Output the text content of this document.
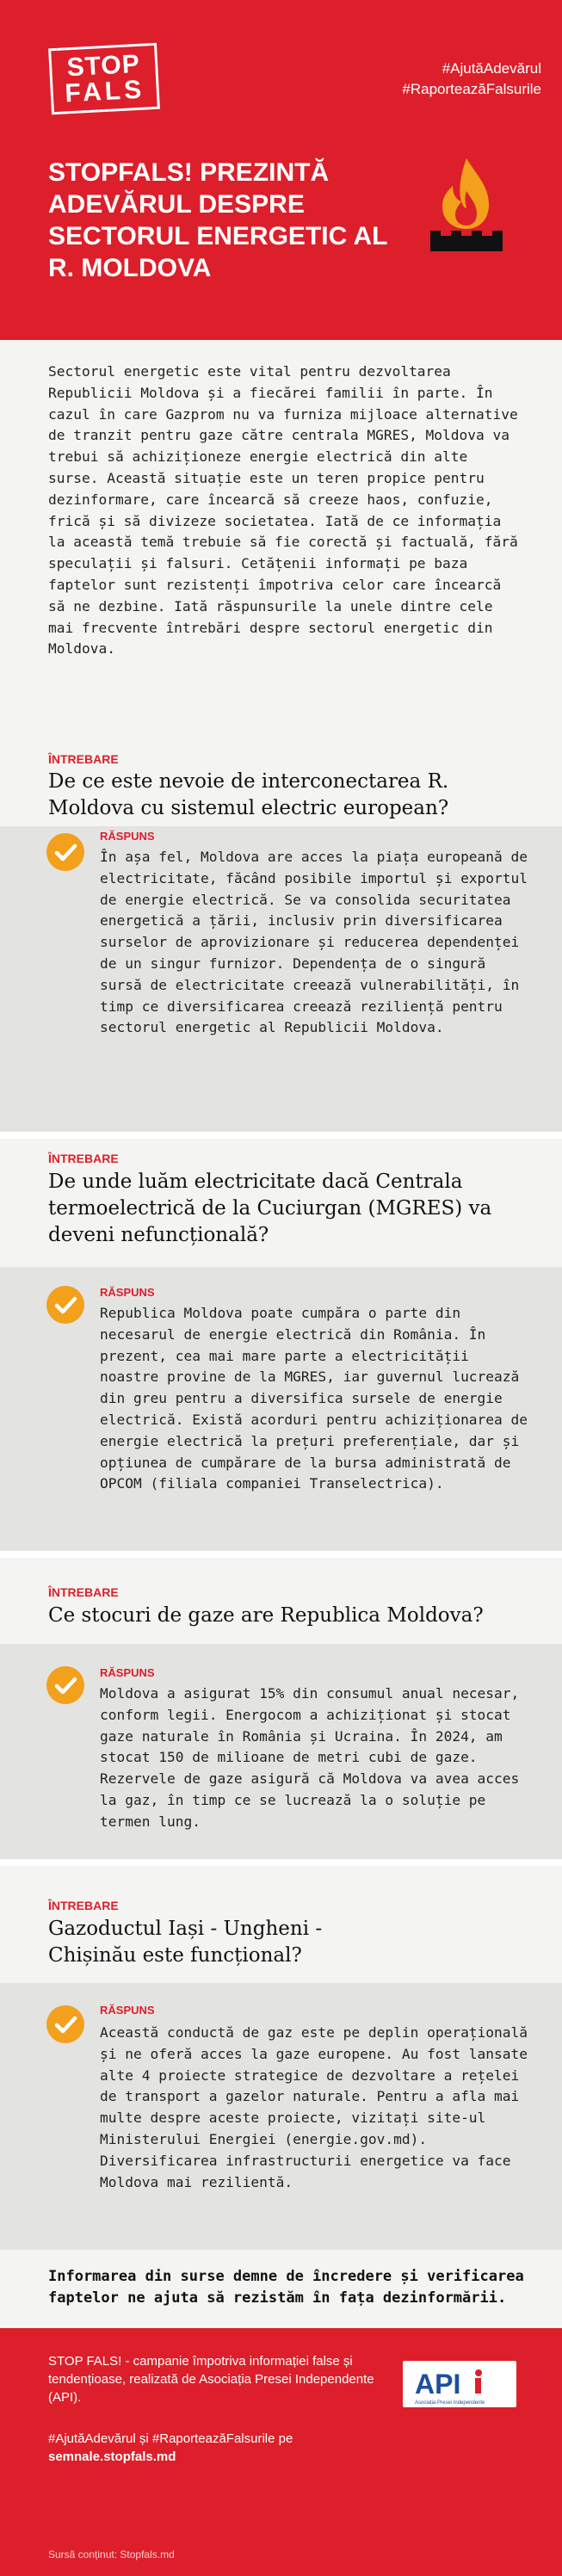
STOP
FALS
#AjutăAdevărul
#RaporteazăFalsurile
STOPFALS! PREZINTĂ ADEVĂRUL DESPRE SECTORUL ENERGETIC AL R. MOLDOVA

Sectorul energetic este vital pentru dezvoltarea Republicii Moldova și a fiecărei familii în parte. În cazul în care Gazprom nu va furniza mijloace alternative de tranzit pentru gaze către centrala MGRES, Moldova va trebui să achiziționeze energie electrică din alte surse. Această situație este un teren propice pentru dezinformare, care încearcă să creeze haos, confuzie, frică și să divizeze societatea. Iată de ce informația la această temă trebuie să fie corectă și factuală, fără speculații și falsuri. Cetățenii informați pe baza faptelor sunt rezistenți împotriva celor care încearcă să ne dezbine. Iată răspunsurile la unele dintre cele mai frecvente întrebări despre sectorul energetic din Moldova.

ÎNTREBARE
De ce este nevoie de interconectarea R. Moldova cu sistemul electric european?
RĂSPUNS
În așa fel, Moldova are acces la piața europeană de electricitate, făcând posibile importul și exportul de energie electrică. Se va consolida securitatea energetică a țării, inclusiv prin diversificarea surselor de aprovizionare și reducerea dependenței de un singur furnizor. Dependența de o singură sursă de electricitate creează vulnerabilități, în timp ce diversificarea creează reziliență pentru sectorul energetic al Republicii Moldova.
ÎNTREBARE
De unde luăm electricitate dacă Centrala termoelectrică de la Cuciurgan (MGRES) va deveni nefuncțională?
RĂSPUNS
Republica Moldova poate cumpăra o parte din necesarul de energie electrică din România. În prezent, cea mai mare parte a electricității noastre provine de la MGRES, iar guvernul lucrează din greu pentru a diversifica sursele de energie electrică. Există acorduri pentru achiziționarea de energie electrică la prețuri preferențiale, dar și opțiunea de cumpărare de la bursa administrată de OPCOM (filiala companiei Transelectrica).
ÎNTREBARE
Ce stocuri de gaze are Republica Moldova?
RĂSPUNS
Moldova a asigurat 15% din consumul anual necesar, conform legii. Energocom a achiziționat și stocat gaze naturale în România și Ucraina. În 2024, am stocat 150 de milioane de metri cubi de gaze. Rezervele de gaze asigură că Moldova va avea acces la gaz, în timp ce se lucrează la o soluție pe termen lung.
ÎNTREBARE
Gazoductul Iași - Ungheni - Chișinău este funcțional?
RĂSPUNS
Această conductă de gaz este pe deplin operațională și ne oferă acces la gaze europene. Au fost lansate alte 4 proiecte strategice de dezvoltare a rețelei de transport a gazelor naturale. Pentru a afla mai multe despre aceste proiecte, vizitați site-ul Ministerului Energiei (energie.gov.md). Diversificarea infrastructurii energetice va face Moldova mai rezilientă.

Informarea din surse demne de încredere și verificarea faptelor ne ajuta să rezistăm în fața dezinformării.

STOP FALS! - campanie împotriva informației false și tendențioase, realizată de Asociația Presei Independente (API).	API
Asociația Presei Independente
#AjutăAdevărul și #RaporteazăFalsurile pe
semnale.stopfals.md
Sursă conținut: Stopfals.md
